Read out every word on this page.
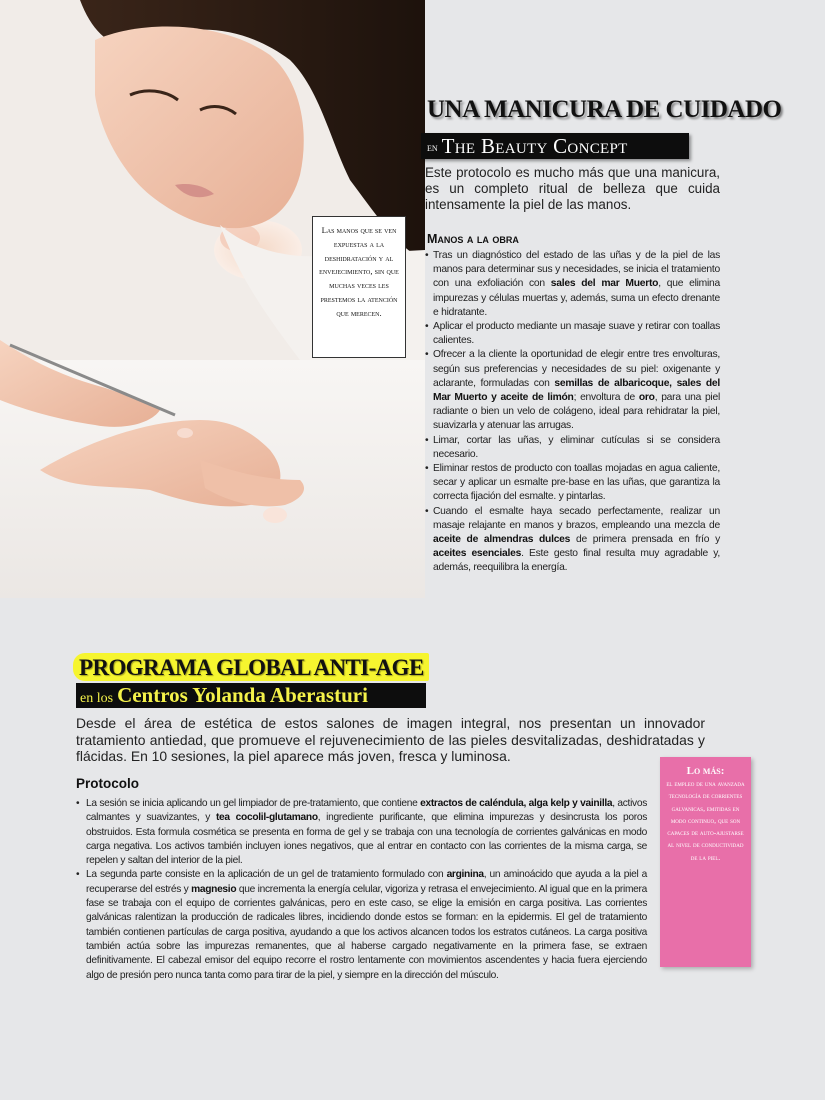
Las manos que se ven expuestas a la deshidratación y al envejecimiento, sin que muchas veces les prestemos la atención que merecen.
UNA MANICURA DE CUIDADO
en The Beauty Concept
Este protocolo es mucho más que una manicura, es un completo ritual de belleza que cuida intensamente la piel de las manos.
Manos a la obra
• Tras un diagnóstico del estado de las uñas y de la piel de las manos para determinar sus y necesidades, se inicia el tratamiento con una exfoliación con sales del mar Muerto, que elimina impurezas y células muertas y, además, suma un efecto drenante e hidratante.
• Aplicar el producto mediante un masaje suave y retirar con toallas calientes.
• Ofrecer a la cliente la oportunidad de elegir entre tres envolturas, según sus preferencias y necesidades de su piel: oxigenante y aclarante, formuladas con semillas de albaricoque, sales del Mar Muerto y aceite de limón; envoltura de oro, para una piel radiante o bien un velo de colágeno, ideal para rehidratar la piel, suavizarla y atenuar las arrugas.
• Limar, cortar las uñas, y eliminar cutículas si se considera necesario.
• Eliminar restos de producto con toallas mojadas en agua caliente, secar y aplicar un esmalte pre-base en las uñas, que garantiza la correcta fijación del esmalte. y pintarlas.
• Cuando el esmalte haya secado perfectamente, realizar un masaje relajante en manos y brazos, empleando una mezcla de aceite de almendras dulces de primera prensada en frío y aceites esenciales. Este gesto final resulta muy agradable y, además, reequilibra la energía.
PROGRAMA GLOBAL ANTI-AGE
en los Centros Yolanda Aberasturi
Desde el área de estética de estos salones de imagen integral, nos presentan un innovador tratamiento antiedad, que promueve el rejuvenecimiento de las pieles desvitalizadas, deshidratadas y flácidas. En 10 sesiones, la piel aparece más joven, fresca y luminosa.
Protocolo
• La sesión se inicia aplicando un gel limpiador de pre-tratamiento, que contiene extractos de caléndula, alga kelp y vainilla, activos calmantes y suavizantes, y tea cocolil-glutamano, ingrediente purificante, que elimina impurezas y desincrusta los poros obstruidos. Esta formula cosmética se presenta en forma de gel y se trabaja con una tecnología de corrientes galvánicas en modo carga negativa. Los activos también incluyen iones negativos, que al entrar en contacto con las corrientes de la misma carga, se repelen y saltan del interior de la piel.
• La segunda parte consiste en la aplicación de un gel de tratamiento formulado con arginina, un aminoácido que ayuda a la piel a recuperarse del estrés y magnesio que incrementa la energía celular, vigoriza y retrasa el envejecimiento. Al igual que en la primera fase se trabaja con el equipo de corrientes galvánicas, pero en este caso, se elige la emisión en carga positiva. Las corrientes galvánicas ralentizan la producción de radicales libres, incidiendo donde estos se forman: en la epidermis. El gel de tratamiento también contienen partículas de carga positiva, ayudando a que los activos alcancen todos los estratos cutáneos. La carga positiva también actúa sobre las impurezas remanentes, que al haberse cargado negativamente en la primera fase, se extraen definitivamente. El cabezal emisor del equipo recorre el rostro lentamente con movimientos ascendentes y hacia fuera ejerciendo algo de presión pero nunca tanta como para tirar de la piel, y siempre en la dirección del músculo.
Lo más:
el empleo de una avanzada tecnología de corrientes galvanicas, emitidas en modo continuo, que son capaces de auto-ajustarse al nivel de conductividad de la piel.
